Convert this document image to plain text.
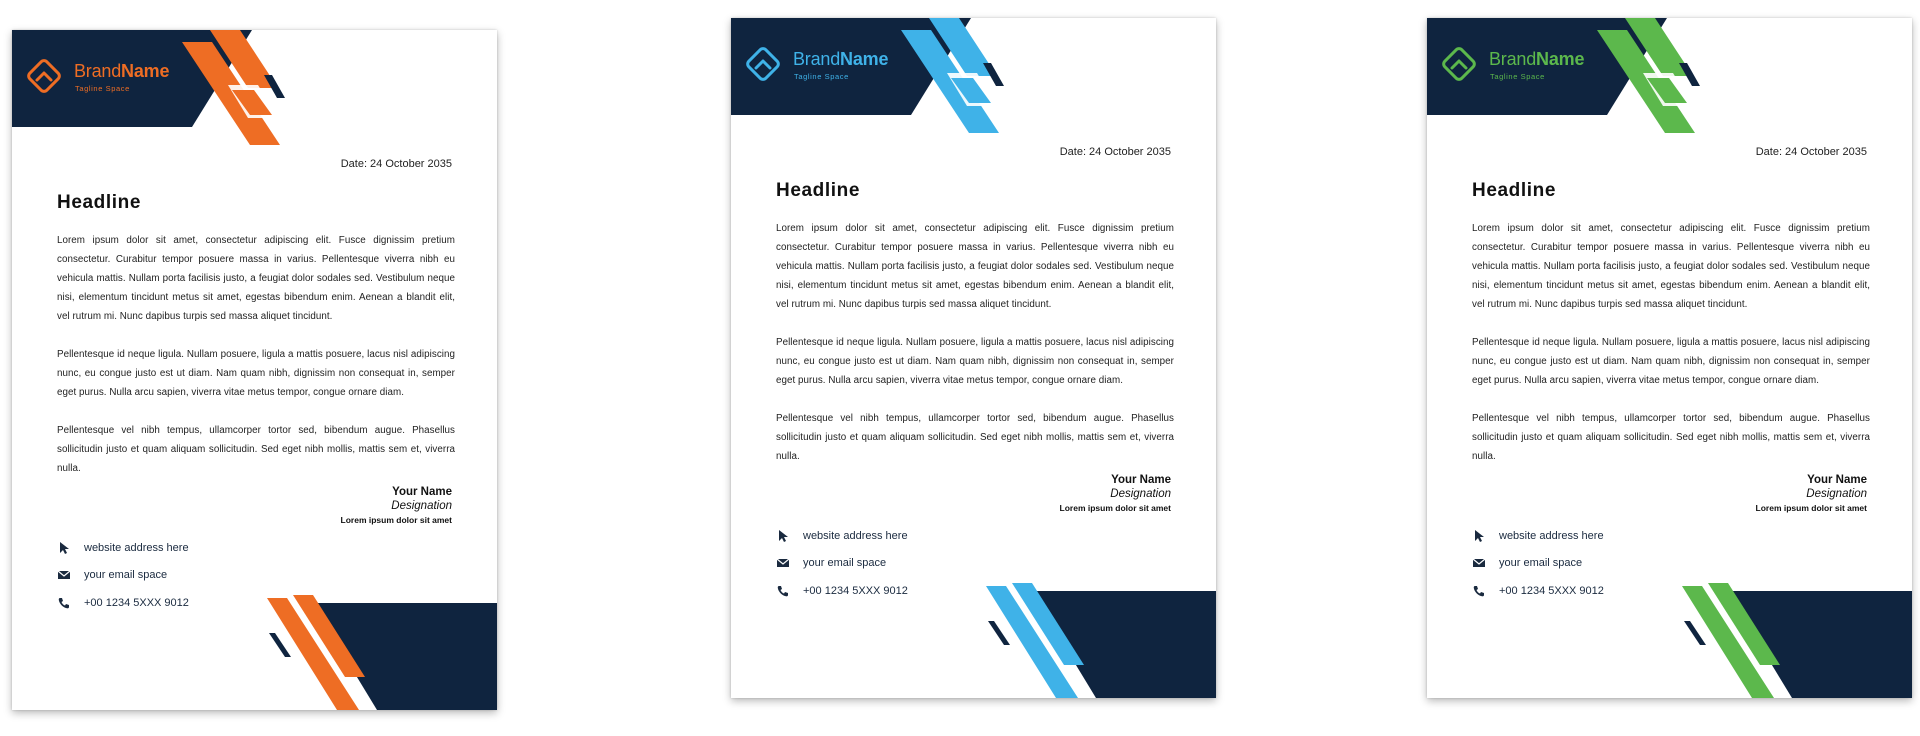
BrandName
Tagline Space
Date: 24 October 2035
Headline

Lorem ipsum dolor sit amet, consectetur adipiscing elit. Fusce dignissim pretium consectetur. Curabitur tempor posuere massa in varius. Pellentesque viverra nibh eu vehicula mattis. Nullam porta facilisis justo, a feugiat dolor sodales sed. Vestibulum neque nisi, elementum tincidunt metus sit amet, egestas bibendum enim. Aenean a blandit elit, vel rutrum mi. Nunc dapibus turpis sed massa aliquet tincidunt.

Pellentesque id neque ligula. Nullam posuere, ligula a mattis posuere, lacus nisl adipiscing nunc, eu congue justo est ut diam. Nam quam nibh, dignissim non consequat in, semper eget purus. Nulla arcu sapien, viverra vitae metus tempor, congue ornare diam.

Pellentesque vel nibh tempus, ullamcorper tortor sed, bibendum augue. Phasellus sollicitudin justo et quam aliquam sollicitudin. Sed eget nibh mollis, mattis sem et, viverra nulla.

Your Name
Designation
Lorem ipsum dolor sit amet
website address here
your email space
+00 1234 5XXX 9012
BrandName
Tagline Space
Date: 24 October 2035
Headline

Lorem ipsum dolor sit amet, consectetur adipiscing elit. Fusce dignissim pretium consectetur. Curabitur tempor posuere massa in varius. Pellentesque viverra nibh eu vehicula mattis. Nullam porta facilisis justo, a feugiat dolor sodales sed. Vestibulum neque nisi, elementum tincidunt metus sit amet, egestas bibendum enim. Aenean a blandit elit, vel rutrum mi. Nunc dapibus turpis sed massa aliquet tincidunt.

Pellentesque id neque ligula. Nullam posuere, ligula a mattis posuere, lacus nisl adipiscing nunc, eu congue justo est ut diam. Nam quam nibh, dignissim non consequat in, semper eget purus. Nulla arcu sapien, viverra vitae metus tempor, congue ornare diam.

Pellentesque vel nibh tempus, ullamcorper tortor sed, bibendum augue. Phasellus sollicitudin justo et quam aliquam sollicitudin. Sed eget nibh mollis, mattis sem et, viverra nulla.

Your Name
Designation
Lorem ipsum dolor sit amet
website address here
your email space
+00 1234 5XXX 9012
BrandName
Tagline Space
Date: 24 October 2035
Headline

Lorem ipsum dolor sit amet, consectetur adipiscing elit. Fusce dignissim pretium consectetur. Curabitur tempor posuere massa in varius. Pellentesque viverra nibh eu vehicula mattis. Nullam porta facilisis justo, a feugiat dolor sodales sed. Vestibulum neque nisi, elementum tincidunt metus sit amet, egestas bibendum enim. Aenean a blandit elit, vel rutrum mi. Nunc dapibus turpis sed massa aliquet tincidunt.

Pellentesque id neque ligula. Nullam posuere, ligula a mattis posuere, lacus nisl adipiscing nunc, eu congue justo est ut diam. Nam quam nibh, dignissim non consequat in, semper eget purus. Nulla arcu sapien, viverra vitae metus tempor, congue ornare diam.

Pellentesque vel nibh tempus, ullamcorper tortor sed, bibendum augue. Phasellus sollicitudin justo et quam aliquam sollicitudin. Sed eget nibh mollis, mattis sem et, viverra nulla.

Your Name
Designation
Lorem ipsum dolor sit amet
website address here
your email space
+00 1234 5XXX 9012
